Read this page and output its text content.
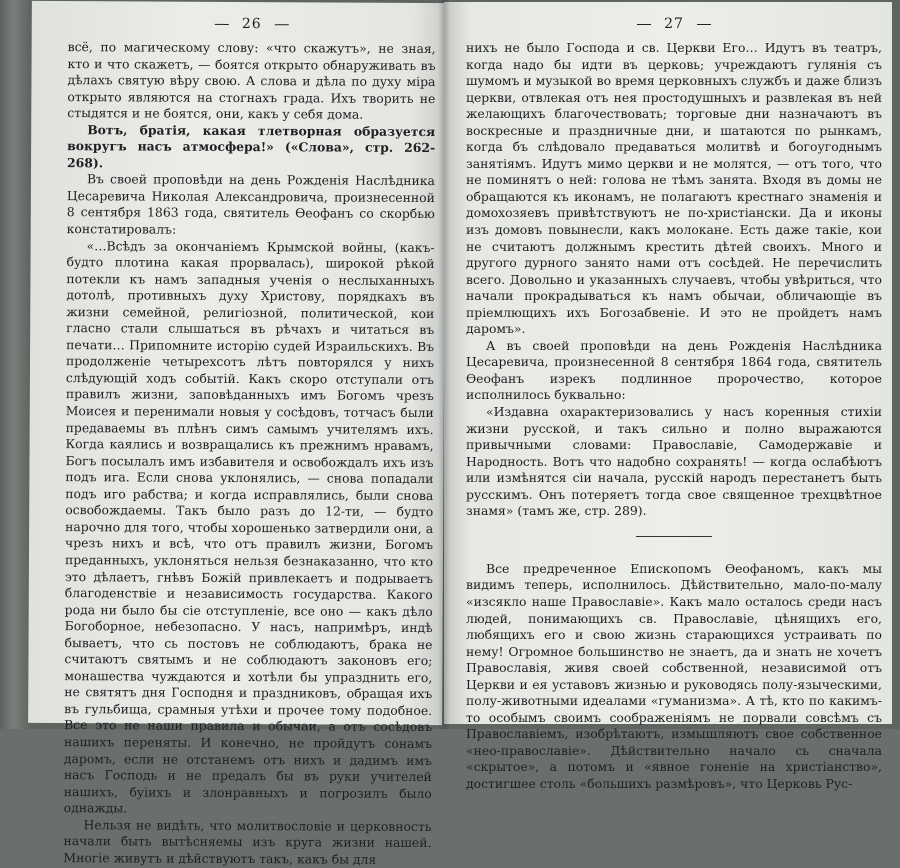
26

всё, по магическому слову: «что скажутъ», не зная, кто и что скажетъ, — боятся открыто обнаруживать въ дѣлахъ святую вѣру свою. А слова и дѣла по духу міра открыто являются на стогнахъ града. Ихъ творить не стыдятся и не боятся, они, какъ у себя дома.

Вотъ, братія, какая тлетворная образуется вокругъ насъ атмосфера!» («Слова», стр. 262-268).

Въ своей проповѣди на день Рожденія Наслѣдника Цесаревича Николая Александровича, произнесенной 8 сентября 1863 года, святитель Ѳеофанъ со скорбью констатировалъ:

«…Всѣдъ за окончаніемъ Крымской войны, (какъ-будто плотина какая прорвалась), широкой рѣкой потекли къ намъ западныя ученія о неслыханныхъ дотолѣ, противныхъ духу Христову, порядкахъ въ жизни семейной, религіозной, политической, кои гласно стали слышаться въ рѣчахъ и читаться въ печати… Припомните исторію судей Израильскихъ. Въ продолженіе четырехсотъ лѣтъ повторялся у нихъ слѣдующій ходъ событій. Какъ скоро отступали отъ правилъ жизни, заповѣданныхъ имъ Богомъ чрезъ Моисея и перенимали новыя у сосѣдовъ, тотчасъ были предаваемы въ плѣнъ симъ самымъ учителямъ ихъ. Когда каялись и возвращались къ прежнимъ нравамъ, Богъ посылалъ имъ избавителя и освобождалъ ихъ изъ подъ ига. Если снова уклонялись, — снова попадали подъ иго рабства; и когда исправлялись, были снова освобождаемы. Такъ было разъ до 12-ти, — будто нарочно для того, чтобы хорошенько затвердили они, а чрезъ нихъ и всѣ, что отъ правилъ жизни, Богомъ преданныхъ, уклоняться нельзя безнаказанно, что кто это дѣлаетъ, гнѣвъ Божій привлекаетъ и подрываетъ благоденствіе и независимость государства. Какого рода ни было бы сіе отступленіе, все оно — какъ дѣло Богоборное, небезопасно. У насъ, напримѣръ, индѣ бываетъ, что сь постовъ не соблюдаютъ, брака не считаютъ святымъ и не соблюдаютъ законовъ его; монашества чуждаются и хотѣли бы упразднить его, не святятъ дня Господня и праздниковъ, обращая ихъ въ гульбища, срамныя утѣхи и прочее тому подобное. Все это не наши правила и обычаи, а отъ сосѣдовъ нашихъ переняты. И конечно, не пройдутъ сонамъ даромъ, если не отстанемъ отъ нихъ и дадимъ имъ насъ Господь и не предалъ бы въ руки учителей нашихъ, буіихъ и злонравныхъ и погрозилъ было однажды.

Нельзя не видѣть, что молитвословіе и церковность начали быть вытѣсняемы изъ круга жизни нашей. Многіе живутъ и дѣйствуютъ такъ, какъ бы для

27

нихъ не было Господа и св. Церкви Его… Идутъ въ театръ, когда надо бы идти въ церковь; учреждаютъ гулянія съ шумомъ и музыкой во время церковныхъ службъ и даже близъ церкви, отвлекая отъ нея простодушныхъ и развлекая въ ней желающихъ благочествовать; торговые дни назначаютъ въ воскресные и праздничные дни, и шатаются по рынкамъ, когда бъ слѣдовало предаваться молитвѣ и богоугоднымъ занятіямъ. Идутъ мимо церкви и не молятся, — отъ того, что не поминятъ о ней: голова не тѣмъ занята. Входя въ домы не обращаются къ иконамъ, не полагаютъ крестнаго знаменія и домохозяевъ привѣтствуютъ не по-христіански. Да и иконы изъ домовъ повынесли, какъ молокане. Есть даже такіе, кои не считаютъ должнымъ крестить дѣтей своихъ. Много и другого дурного занято нами отъ сосѣдей. Не перечислить всего. Довольно и указанныхъ случаевъ, чтобы увѣриться, что начали прокрадываться къ намъ обычаи, обличающіе въ пріемлющихъ ихъ Богозабвеніе. И это не пройдетъ намъ даромъ».

А въ своей проповѣди на день Рожденія Наслѣдника Цесаревича, произнесенной 8 сентября 1864 года, святитель Ѳеофанъ изрекъ подлинное пророчество, которое исполнилось буквально:

«Издавна охарактеризовались у насъ коренныя стихіи жизни русской, и такъ сильно и полно выражаются привычными словами: Православіе, Самодержавіе и Народность. Вотъ что надобно сохранять! — когда ослабѣютъ или измѣнятся сіи начала, русскій народъ перестанетъ быть русскимъ. Онъ потеряетъ тогда свое священное трехцвѣтное знамя» (тамъ же, стр. 289).

Все предреченное Епископомъ Ѳеофаномъ, какъ мы видимъ теперь, исполнилось. Дѣйствительно, мало-по-малу «изсякло наше Православіе». Какъ мало осталось среди насъ людей, понимающихъ св. Православіе, цѣнящихъ его, любящихъ его и свою жизнь старающихся устраивать по нему! Огромное большинство не знаетъ, да и знать не хочетъ Православія, живя своей собственной, независимой отъ Церкви и ея уставовъ жизнью и руководясь полу-языческими, полу-животными идеалами «гуманизма». А тѣ, кто по какимъ-то особымъ своимъ соображеніямъ не порвали совсѣмъ съ Православіемъ, изобрѣтаютъ, измышляютъ свое собственное «нео-православіе». Дѣйствительно начало сь сначала «скрытое», а потомъ и «явное гоненіе на христіанство», достигшее столь «большихъ размѣровъ», что Церковь Рус-
